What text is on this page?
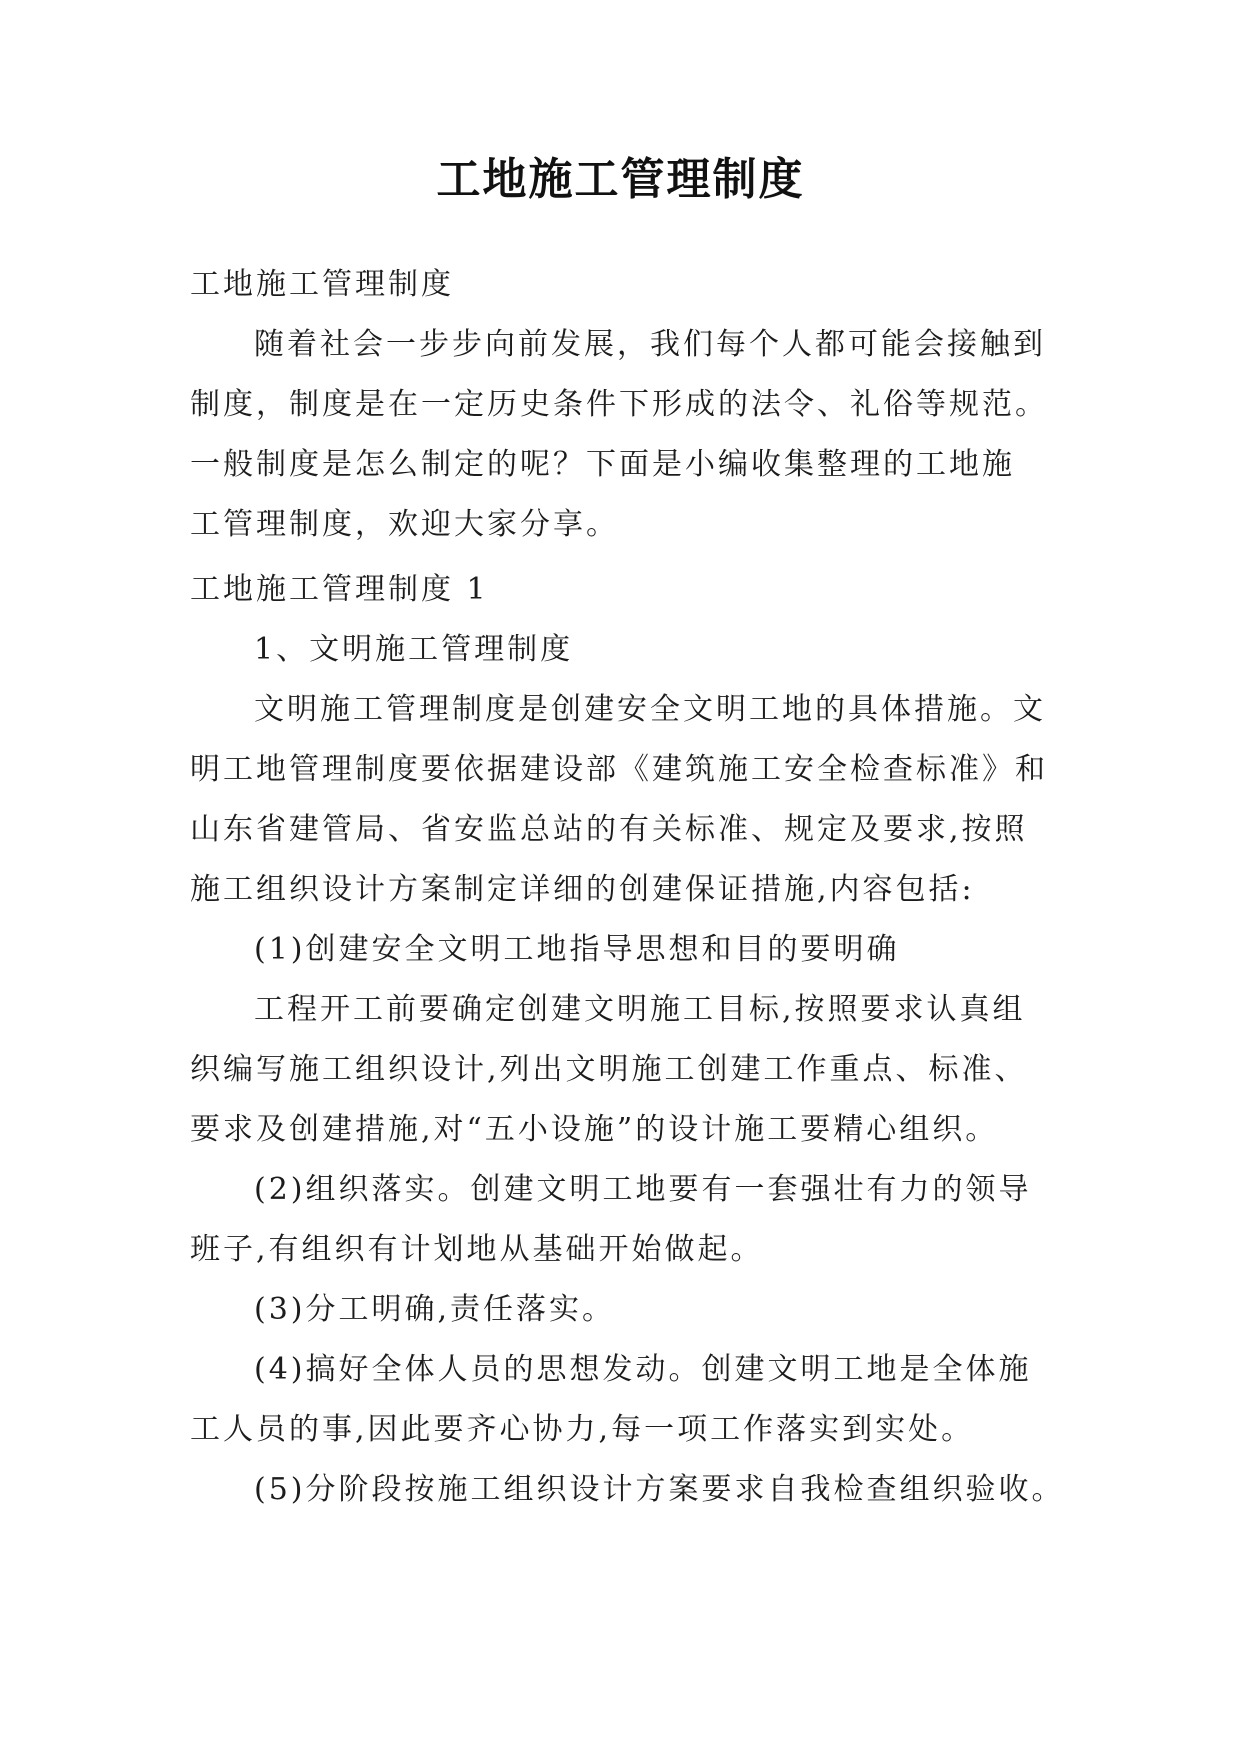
工地施工管理制度
工地施工管理制度
随着社会一步步向前发展，我们每个人都可能会接触到
制度，制度是在一定历史条件下形成的法令、礼俗等规范。
一般制度是怎么制定的呢？下面是小编收集整理的工地施
工管理制度，欢迎大家分享。
工地施工管理制度 1
1、文明施工管理制度
文明施工管理制度是创建安全文明工地的具体措施。文
明工地管理制度要依据建设部《建筑施工安全检查标准》和
山东省建管局、省安监总站的有关标准、规定及要求,按照
施工组织设计方案制定详细的创建保证措施,内容包括:
(1)创建安全文明工地指导思想和目的要明确
工程开工前要确定创建文明施工目标,按照要求认真组
织编写施工组织设计,列出文明施工创建工作重点、标准、
要求及创建措施,对“五小设施”的设计施工要精心组织。
(2)组织落实。创建文明工地要有一套强壮有力的领导
班子,有组织有计划地从基础开始做起。
(3)分工明确,责任落实。
(4)搞好全体人员的思想发动。创建文明工地是全体施
工人员的事,因此要齐心协力,每一项工作落实到实处。
(5)分阶段按施工组织设计方案要求自我检查组织验收。
